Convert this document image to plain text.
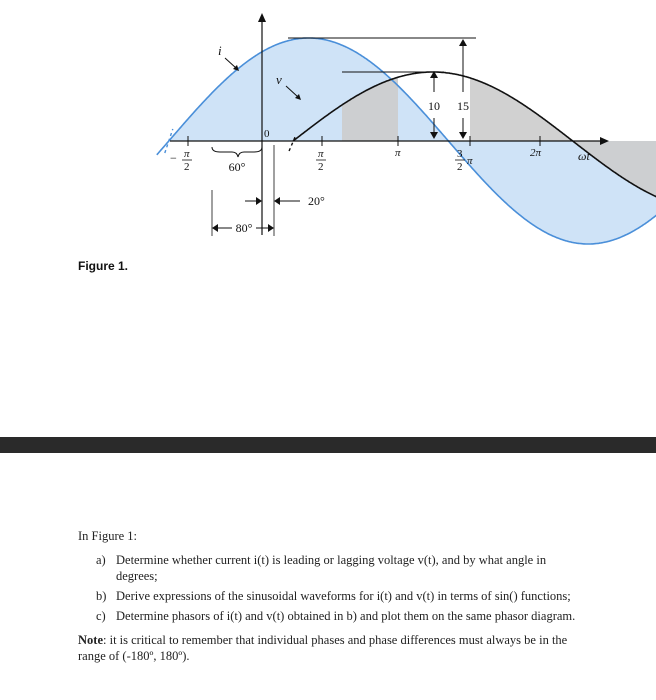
10 15
i
v
0
− π
2
π
2
π	3
2 π
2π	ωt
60°
20°
80°
Figure 1.

In Figure 1:

a) Determine whether current i(t) is leading or lagging voltage v(t), and by what angle in degrees;
b) Derive expressions of the sinusoidal waveforms for i(t) and v(t) in terms of sin() functions;
c) Determine phasors of i(t) and v(t) obtained in b) and plot them on the same phasor diagram.
Note: it is critical to remember that individual phases and phase differences must always be in the range of (-180º, 180º).
